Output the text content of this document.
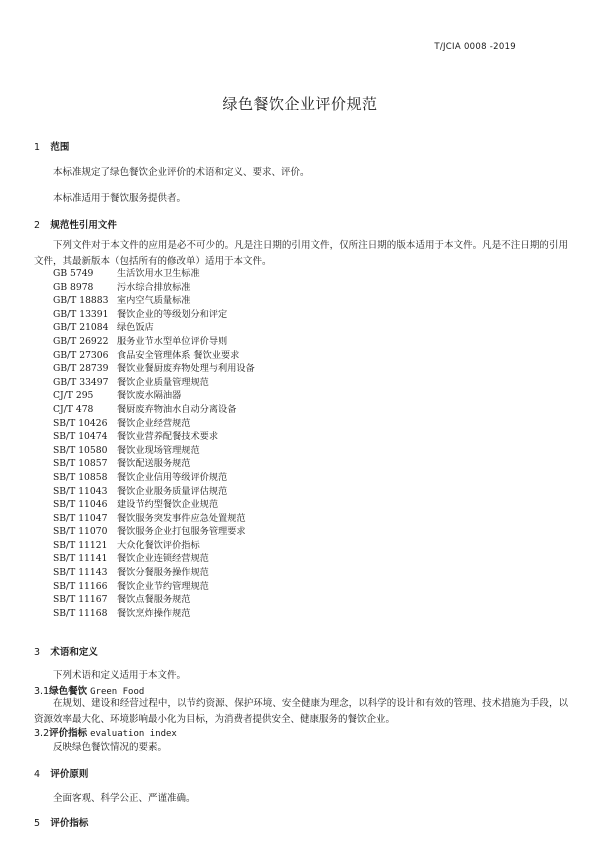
T/JCIA 0008 -2019
绿色餐饮企业评价规范
1 范围
本标准规定了绿色餐饮企业评价的术语和定义、要求、评价。
本标准适用于餐饮服务提供者。
2 规范性引用文件
下列文件对于本文件的应用是必不可少的。凡是注日期的引用文件，仅所注日期的版本适用于本文件。凡是不注日期的引用文件，其最新版本（包括所有的修改单）适用于本文件。
GB 5749	生活饮用水卫生标准
GB 8978	污水综合排放标准
GB/T 18883 室内空气质量标准
GB/T 13391 餐饮企业的等级划分和评定
GB/T 21084 绿色饭店
GB/T 26922 服务业节水型单位评价导则
GB/T 27306 食品安全管理体系 餐饮业要求
GB/T 28739 餐饮业餐厨废弃物处理与利用设备
GB/T 33497 餐饮企业质量管理规范
CJ/T 295	餐饮废水隔油器
CJ/T 478	餐厨废弃物油水自动分离设备
SB/T 10426 餐饮企业经营规范
SB/T 10474 餐饮业营养配餐技术要求
SB/T 10580 餐饮业现场管理规范
SB/T 10857 餐饮配送服务规范
SB/T 10858 餐饮企业信用等级评价规范
SB/T 11043 餐饮企业服务质量评估规范
SB/T 11046 建设节约型餐饮企业规范
SB/T 11047 餐饮服务突发事件应急处置规范
SB/T 11070 餐饮服务企业打包服务管理要求
SB/T 11121 大众化餐饮评价指标
SB/T 11141 餐饮企业连锁经营规范
SB/T 11143 餐饮分餐服务操作规范
SB/T 11166 餐饮企业节约管理规范
SB/T 11167 餐饮点餐服务规范
SB/T 11168 餐饮烹炸操作规范
3 术语和定义
下列术语和定义适用于本文件。
3.1绿色餐饮 Green Food
在规划、建设和经营过程中，以节约资源、保护环境、安全健康为理念，以科学的设计和有效的管理、技术措施为手段，以资源效率最大化、环境影响最小化为目标，为消费者提供安全、健康服务的餐饮企业。
3.2评价指标 evaluation index
反映绿色餐饮情况的要素。
4 评价原则
全面客观、科学公正、严谨准确。
5 评价指标
